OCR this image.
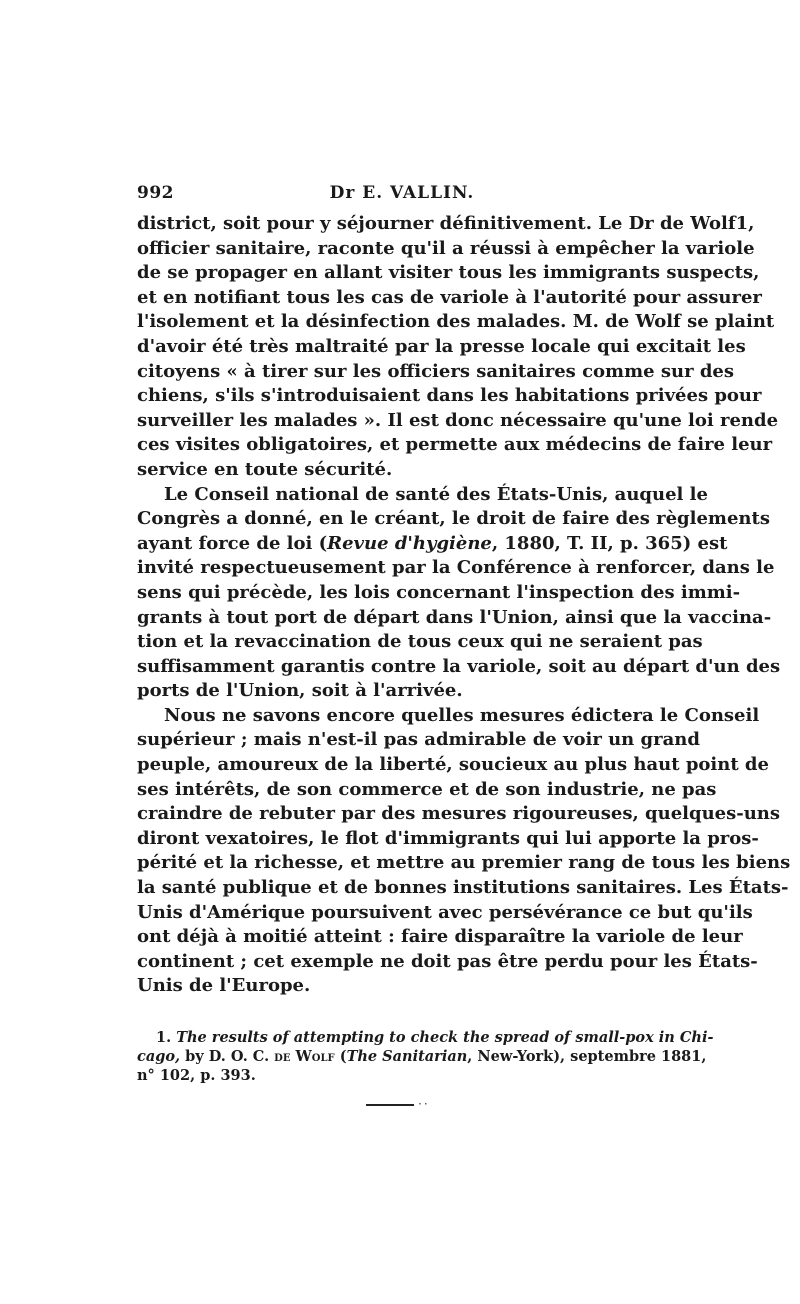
992	Dr E. VALLIN.

district, soit pour y séjourner définitivement. Le Dr de Wolf1,
officier sanitaire, raconte qu'il a réussi à empêcher la variole
de se propager en allant visiter tous les immigrants suspects,
et en notifiant tous les cas de variole à l'autorité pour assurer
l'isolement et la désinfection des malades. M. de Wolf se plaint
d'avoir été très maltraité par la presse locale qui excitait les
citoyens « à tirer sur les officiers sanitaires comme sur des
chiens, s'ils s'introduisaient dans les habitations privées pour
surveiller les malades ». Il est donc nécessaire qu'une loi rende
ces visites obligatoires, et permette aux médecins de faire leur
service en toute sécurité.

Le Conseil national de santé des États-Unis, auquel le
Congrès a donné, en le créant, le droit de faire des règlements
ayant force de loi (Revue d'hygiène, 1880, T. II, p. 365) est
invité respectueusement par la Conférence à renforcer, dans le
sens qui précède, les lois concernant l'inspection des immi-
grants à tout port de départ dans l'Union, ainsi que la vaccina-
tion et la revaccination de tous ceux qui ne seraient pas
suffisamment garantis contre la variole, soit au départ d'un des
ports de l'Union, soit à l'arrivée.

Nous ne savons encore quelles mesures édictera le Conseil
supérieur ; mais n'est-il pas admirable de voir un grand
peuple, amoureux de la liberté, soucieux au plus haut point de
ses intérêts, de son commerce et de son industrie, ne pas
craindre de rebuter par des mesures rigoureuses, quelques-uns
diront vexatoires, le flot d'immigrants qui lui apporte la pros-
périté et la richesse, et mettre au premier rang de tous les biens
la santé publique et de bonnes institutions sanitaires. Les États-
Unis d'Amérique poursuivent avec persévérance ce but qu'ils
ont déjà à moitié atteint : faire disparaître la variole de leur
continent ; cet exemple ne doit pas être perdu pour les États-
Unis de l'Europe.

1. The results of attempting to check the spread of small-pox in Chi-
cago, by D. O. C. de Wolf (The Sanitarian, New-York), septembre 1881,
n° 102, p. 393.
··
